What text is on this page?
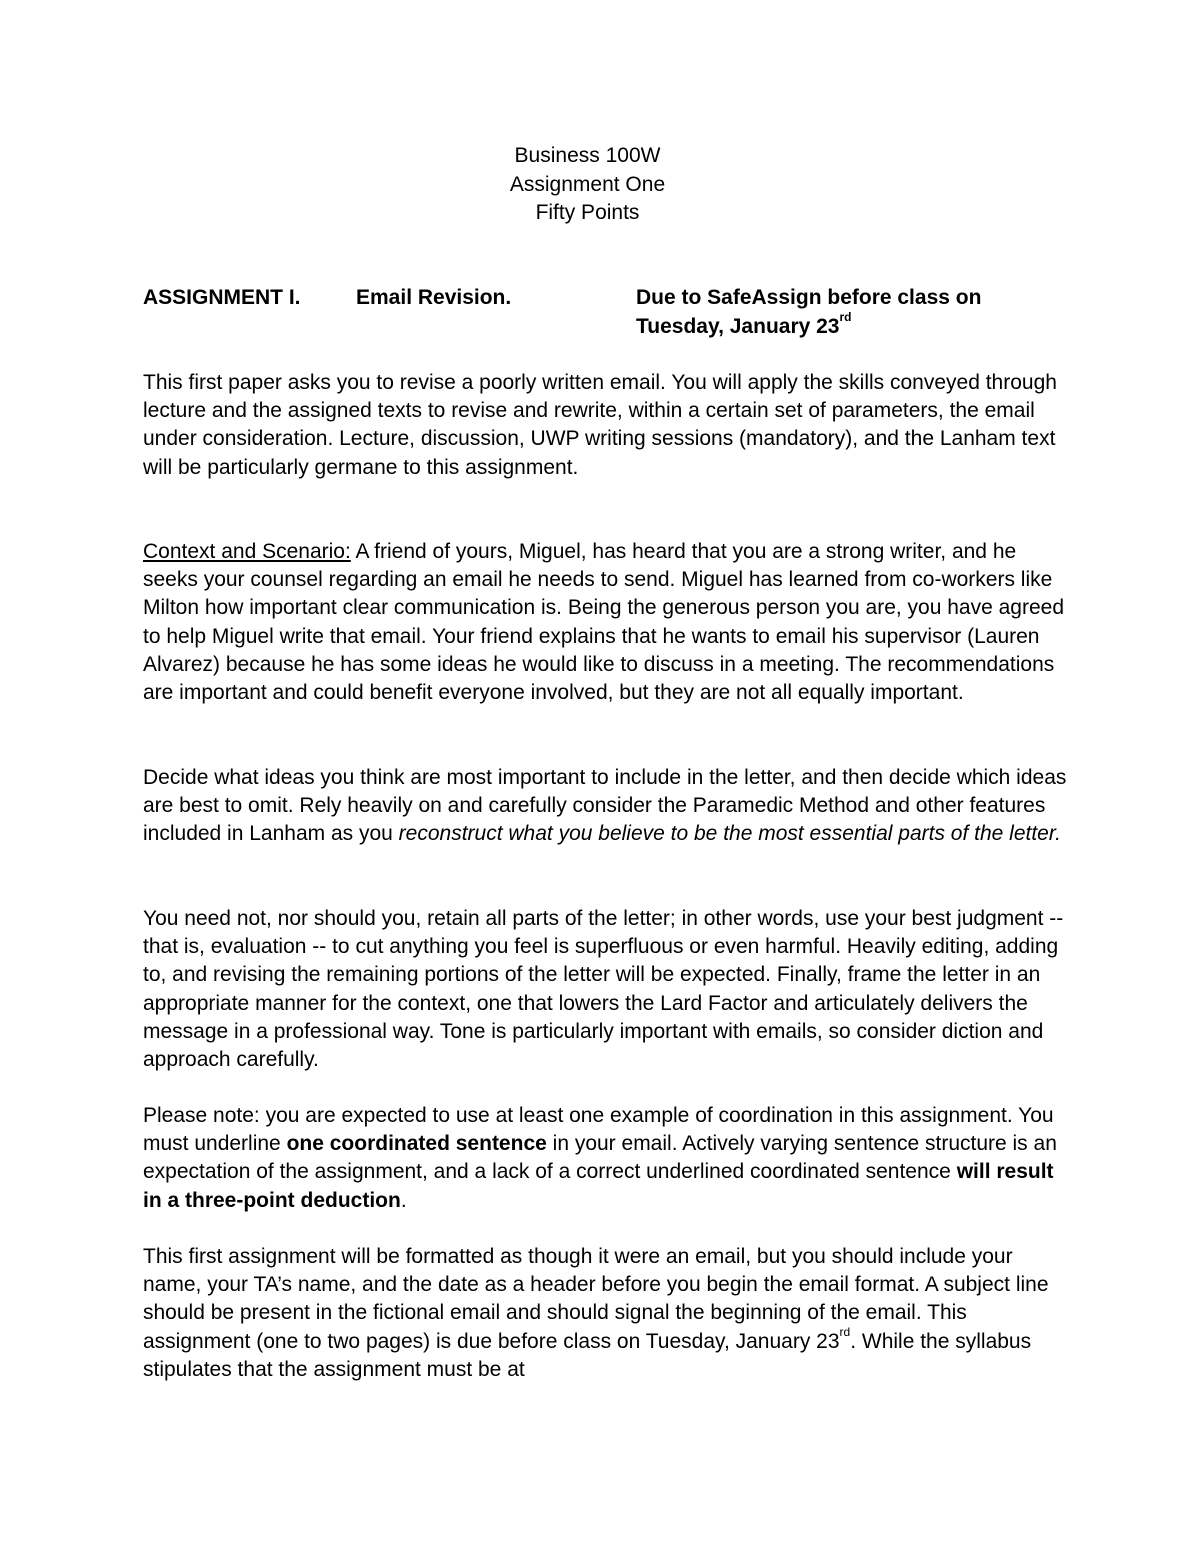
Business 100W
Assignment One
Fifty Points
ASSIGNMENT I.	Email Revision.	Due to SafeAssign before class on
Tuesday, January 23rd

This first paper asks you to revise a poorly written email. You will apply the skills conveyed through lecture and the assigned texts to revise and rewrite, within a certain set of parameters, the email under consideration. Lecture, discussion, UWP writing sessions (mandatory), and the Lanham text will be particularly germane to this assignment.

Context and Scenario: A friend of yours, Miguel, has heard that you are a strong writer, and he seeks your counsel regarding an email he needs to send. Miguel has learned from co-workers like Milton how important clear communication is. Being the generous person you are, you have agreed to help Miguel write that email. Your friend explains that he wants to email his supervisor (Lauren Alvarez) because he has some ideas he would like to discuss in a meeting. The recommendations are important and could benefit everyone involved, but they are not all equally important.

Decide what ideas you think are most important to include in the letter, and then decide which ideas are best to omit. Rely heavily on and carefully consider the Paramedic Method and other features included in Lanham as you reconstruct what you believe to be the most essential parts of the letter.

You need not, nor should you, retain all parts of the letter; in other words, use your best judgment -- that is, evaluation -- to cut anything you feel is superfluous or even harmful. Heavily editing, adding to, and revising the remaining portions of the letter will be expected. Finally, frame the letter in an appropriate manner for the context, one that lowers the Lard Factor and articulately delivers the message in a professional way. Tone is particularly important with emails, so consider diction and approach carefully.

Please note: you are expected to use at least one example of coordination in this assignment. You must underline one coordinated sentence in your email. Actively varying sentence structure is an expectation of the assignment, and a lack of a correct underlined coordinated sentence will result in a three-point deduction.

This first assignment will be formatted as though it were an email, but you should include your name, your TA’s name, and the date as a header before you begin the email format. A subject line should be present in the fictional email and should signal the beginning of the email. This assignment (one to two pages) is due before class on Tuesday, January 23rd. While the syllabus stipulates that the assignment must be at
